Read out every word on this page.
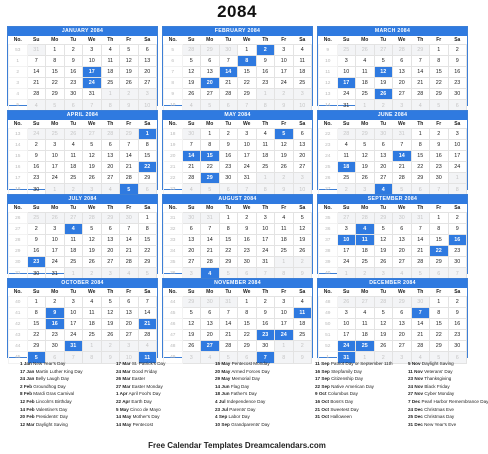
2084
JANUARY 2084
No.	Su	Mo	Tu	We	Th	Fr	Sa
53	31	1	2	3	4	5	6
1	7	8	9	10	11	12	13
2	14	15	16	17	18	19	20
3	21	22	23	24	25	26	27
4	28	29	30	31	1	2	3
5	4	5	6	7	8	9	10
FEBRUARY 2084
No.	Su	Mo	Tu	We	Th	Fr	Sa
5	28	29	30	1	2	3	4
6	5	6	7	8	9	10	11
7	12	13	14	15	16	17	18
8	19	20	21	22	23	24	25
9	26	27	28	29	1	2	3
10	4	5	6	7	8	9	10
MARCH 2084
No.	Su	Mo	Tu	We	Th	Fr	Sa
9	25	26	27	28	29	1	2
10	3	4	5	6	7	8	9
11	10	11	12	13	14	15	16
12	17	18	19	20	21	22	23
13	24	25	26	27	28	29	30
14	31	1	2	3	4	5	6
APRIL 2084
No.	Su	Mo	Tu	We	Th	Fr	Sa
13	24	25	26	27	28	29	1
14	2	3	4	5	6	7	8
15	9	10	11	12	13	14	15
16	16	17	18	19	20	21	22
17	23	24	25	26	27	28	29
18	30	1	2	3	4	5	6
MAY 2084
No.	Su	Mo	Tu	We	Th	Fr	Sa
18	30	1	2	3	4	5	6
19	7	8	9	10	11	12	13
20	14	15	16	17	18	19	20
21	21	22	23	24	25	26	27
22	28	29	30	31	1	2	3
23	4	5	6	7	8	9	10
JUNE 2084
No.	Su	Mo	Tu	We	Th	Fr	Sa
22	28	29	30	31	1	2	3
23	4	5	6	7	8	9	10
24	11	12	13	14	15	16	17
25	18	19	20	21	22	23	24
26	25	26	27	28	29	30	1
27	2	3	4	5	6	7	8
JULY 2084
No.	Su	Mo	Tu	We	Th	Fr	Sa
26	25	26	27	28	29	30	1
27	2	3	4	5	6	7	8
28	9	10	11	12	13	14	15
29	16	17	18	19	20	21	22
30	23	24	25	26	27	28	29
31	30	31	1	2	3	4	5
AUGUST 2084
No.	Su	Mo	Tu	We	Th	Fr	Sa
31	30	31	1	2	3	4	5
32	6	7	8	9	10	11	12
33	13	14	15	16	17	18	19
34	20	21	22	23	24	25	26
35	27	28	29	30	31	1	2
36	3	4	5	6	7	8	9
SEPTEMBER 2084
No.	Su	Mo	Tu	We	Th	Fr	Sa
35	27	28	29	30	31	1	2
36	3	4	5	6	7	8	9
37	10	11	12	13	14	15	16
38	17	18	19	20	21	22	23
39	24	25	26	27	28	29	30
40	1	2	3	4	5	6	7
OCTOBER 2084
No.	Su	Mo	Tu	We	Th	Fr	Sa
40	1	2	3	4	5	6	7
41	8	9	10	11	12	13	14
42	15	16	17	18	19	20	21
43	22	23	24	25	26	27	28
44	29	30	31	1	2	3	4
45	5	6	7	8	9	10	11
NOVEMBER 2084
No.	Su	Mo	Tu	We	Th	Fr	Sa
44	29	30	31	1	2	3	4
45	5	6	7	8	9	10	11
46	12	13	14	15	16	17	18
47	19	20	21	22	23	24	25
48	26	27	28	29	30	1	2
49	3	4	5	6	7	8	9
DECEMBER 2084
No.	Su	Mo	Tu	We	Th	Fr	Sa
48	26	27	28	29	30	1	2
49	3	4	5	6	7	8	9
50	10	11	12	13	14	15	16
51	17	18	19	20	21	22	23
52	24	25	26	27	28	29	30
1	31	1	2	3	4	5	6
1 Jan New Year's Day
17 Jan Martin Luther King Day
24 Jan Belly Laugh Day
2 Feb Groundhog Day
8 Feb Mardi Gras Carnival
12 Feb Lincoln's Birthday
14 Feb Valentine's Day
20 Feb Presidents' Day
12 Mar Daylight Saving
17 Mar St. Patrick's Day
24 Mar Good Friday
26 Mar Easter
27 Mar Easter Monday
1 Apr April Fool's Day
22 Apr Earth Day
5 May Cinco de Mayo
14 May Mother's Day
14 May Pentecost
15 May Pentecost Monday
20 May Armed Forces Day
29 May Memorial Day
14 Jun Flag Day
18 Jun Father's Day
4 Jul Independence Day
23 Jul Parents' Day
4 Sep Labor Day
10 Sep Grandparents' Day
11 Sep Patriot Day or September 11th
16 Sep Stepfamily Day
17 Sep Citizenship Day
22 Sep Native American Day
9 Oct Columbus Day
16 Oct Boss's Day
21 Oct Sweetest Day
31 Oct Halloween
5 Nov Daylight Saving
11 Nov Veterans' Day
23 Nov Thanksgiving
24 Nov Black Friday
27 Nov Cyber Monday
7 Dec Pearl Harbor Remembrance Day
24 Dec Christmas Eve
25 Dec Christmas Day
31 Dec New Year's Eve
Free Calendar Templates Dreamcalendars.com
